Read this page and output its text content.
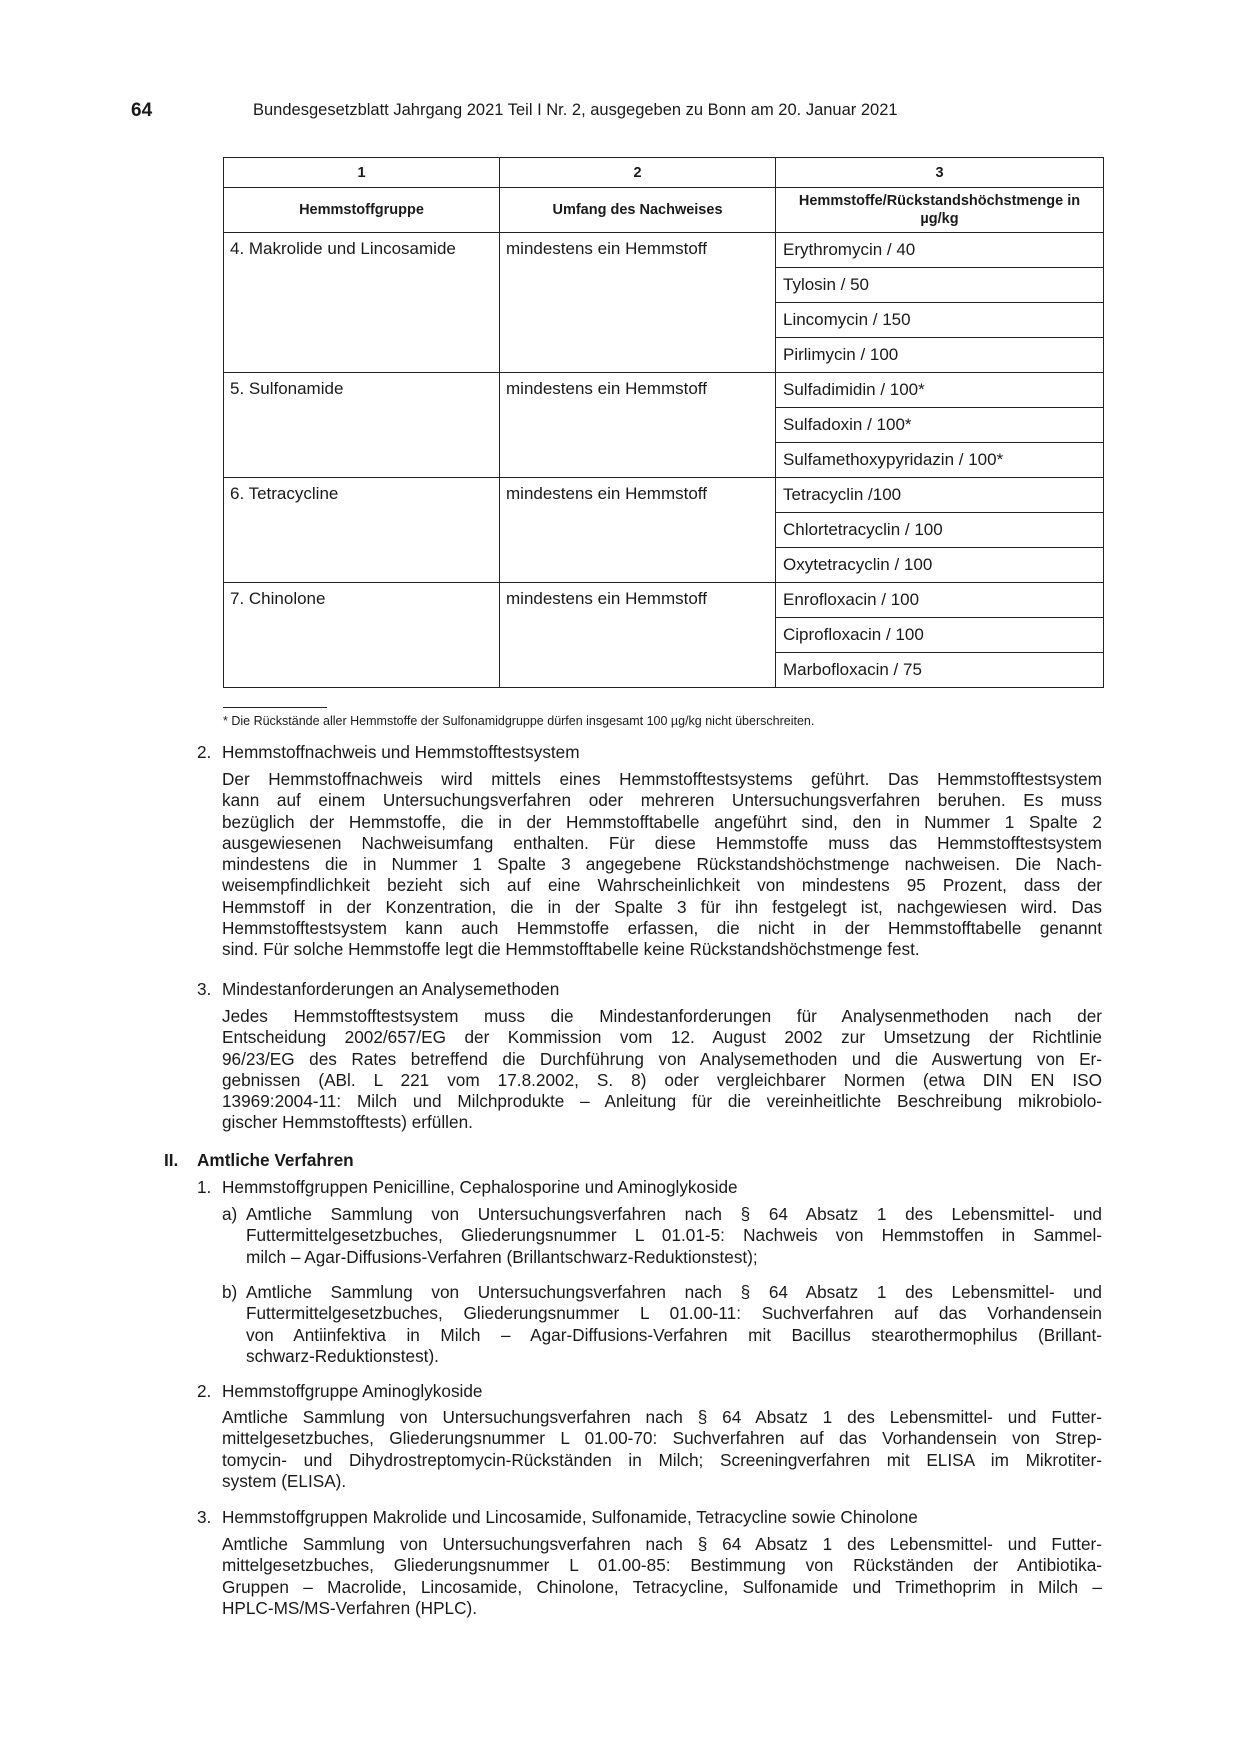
64	Bundesgesetzblatt Jahrgang 2021 Teil I Nr. 2, ausgegeben zu Bonn am 20. Januar 2021
1	2	3
Hemmstoffgruppe	Umfang des Nachweises	Hemmstoffe/Rückstandshöchstmenge in µg/kg
4. Makrolide und Lincosamide	mindestens ein Hemmstoff	Erythromycin / 40
		Tylosin / 50
		Lincomycin / 150
		Pirlimycin / 100
5. Sulfonamide	mindestens ein Hemmstoff	Sulfadimidin / 100*
		Sulfadoxin / 100*
		Sulfamethoxypyridazin / 100*
6. Tetracycline	mindestens ein Hemmstoff	Tetracyclin /100
		Chlortetracyclin / 100
		Oxytetracyclin / 100
7. Chinolone	mindestens ein Hemmstoff	Enrofloxacin / 100
		Ciprofloxacin / 100
		Marbofloxacin / 75
* Die Rückstände aller Hemmstoffe der Sulfonamidgruppe dürfen insgesamt 100 µg/kg nicht überschreiten.
2. Hemmstoffnachweis und Hemmstofftestsystem
Der Hemmstoffnachweis wird mittels eines Hemmstofftestsystems geführt. Das Hemmstofftestsystem
kann auf einem Untersuchungsverfahren oder mehreren Untersuchungsverfahren beruhen. Es muss
bezüglich der Hemmstoffe, die in der Hemmstofftabelle angeführt sind, den in Nummer 1 Spalte 2
ausgewiesenen Nachweisumfang enthalten. Für diese Hemmstoffe muss das Hemmstofftestsystem
mindestens die in Nummer 1 Spalte 3 angegebene Rückstandshöchstmenge nachweisen. Die Nach-
weisempfindlichkeit bezieht sich auf eine Wahrscheinlichkeit von mindestens 95 Prozent, dass der
Hemmstoff in der Konzentration, die in der Spalte 3 für ihn festgelegt ist, nachgewiesen wird. Das
Hemmstofftestsystem kann auch Hemmstoffe erfassen, die nicht in der Hemmstofftabelle genannt
sind. Für solche Hemmstoffe legt die Hemmstofftabelle keine Rückstandshöchstmenge fest.
3. Mindestanforderungen an Analysemethoden
Jedes Hemmstofftestsystem muss die Mindestanforderungen für Analysenmethoden nach der
Entscheidung 2002/657/EG der Kommission vom 12. August 2002 zur Umsetzung der Richtlinie
96/23/EG des Rates betreffend die Durchführung von Analysemethoden und die Auswertung von Er-
gebnissen (ABl. L 221 vom 17.8.2002, S. 8) oder vergleichbarer Normen (etwa DIN EN ISO
13969:2004-11: Milch und Milchprodukte – Anleitung für die vereinheitlichte Beschreibung mikrobiolo-
gischer Hemmstofftests) erfüllen.
II. Amtliche Verfahren
1. Hemmstoffgruppen Penicilline, Cephalosporine und Aminoglykoside
a) Amtliche Sammlung von Untersuchungsverfahren nach § 64 Absatz 1 des Lebensmittel- und
Futtermittelgesetzbuches, Gliederungsnummer L 01.01-5: Nachweis von Hemmstoffen in Sammel-
milch – Agar-Diffusions-Verfahren (Brillantschwarz-Reduktionstest);
b) Amtliche Sammlung von Untersuchungsverfahren nach § 64 Absatz 1 des Lebensmittel- und
Futtermittelgesetzbuches, Gliederungsnummer L 01.00-11: Suchverfahren auf das Vorhandensein
von Antiinfektiva in Milch – Agar-Diffusions-Verfahren mit Bacillus stearothermophilus (Brillant-
schwarz-Reduktionstest).
2. Hemmstoffgruppe Aminoglykoside
Amtliche Sammlung von Untersuchungsverfahren nach § 64 Absatz 1 des Lebensmittel- und Futter-
mittelgesetzbuches, Gliederungsnummer L 01.00-70: Suchverfahren auf das Vorhandensein von Strep-
tomycin- und Dihydrostreptomycin-Rückständen in Milch; Screeningverfahren mit ELISA im Mikrotiter-
system (ELISA).
3. Hemmstoffgruppen Makrolide und Lincosamide, Sulfonamide, Tetracycline sowie Chinolone
Amtliche Sammlung von Untersuchungsverfahren nach § 64 Absatz 1 des Lebensmittel- und Futter-
mittelgesetzbuches, Gliederungsnummer L 01.00-85: Bestimmung von Rückständen der Antibiotika-
Gruppen – Macrolide, Lincosamide, Chinolone, Tetracycline, Sulfonamide und Trimethoprim in Milch –
HPLC-MS/MS-Verfahren (HPLC).
